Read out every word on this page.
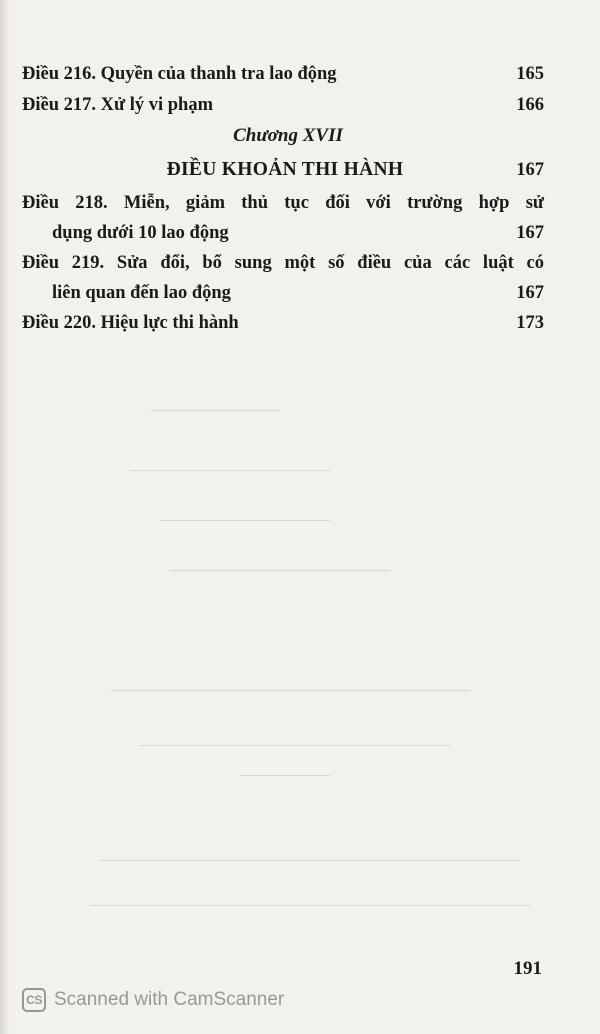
Điều 216. Quyền của thanh tra lao động	165
Điều 217. Xử lý vi phạm	166
Chương XVII
ĐIỀU KHOẢN THI HÀNH	167
Điều 218. Miễn, giảm thủ tục đối với trường hợp sử
dụng dưới 10 lao động	167
Điều 219. Sửa đổi, bổ sung một số điều của các luật có
liên quan đến lao động	167
Điều 220. Hiệu lực thi hành	173
191
CS Scanned with CamScanner
